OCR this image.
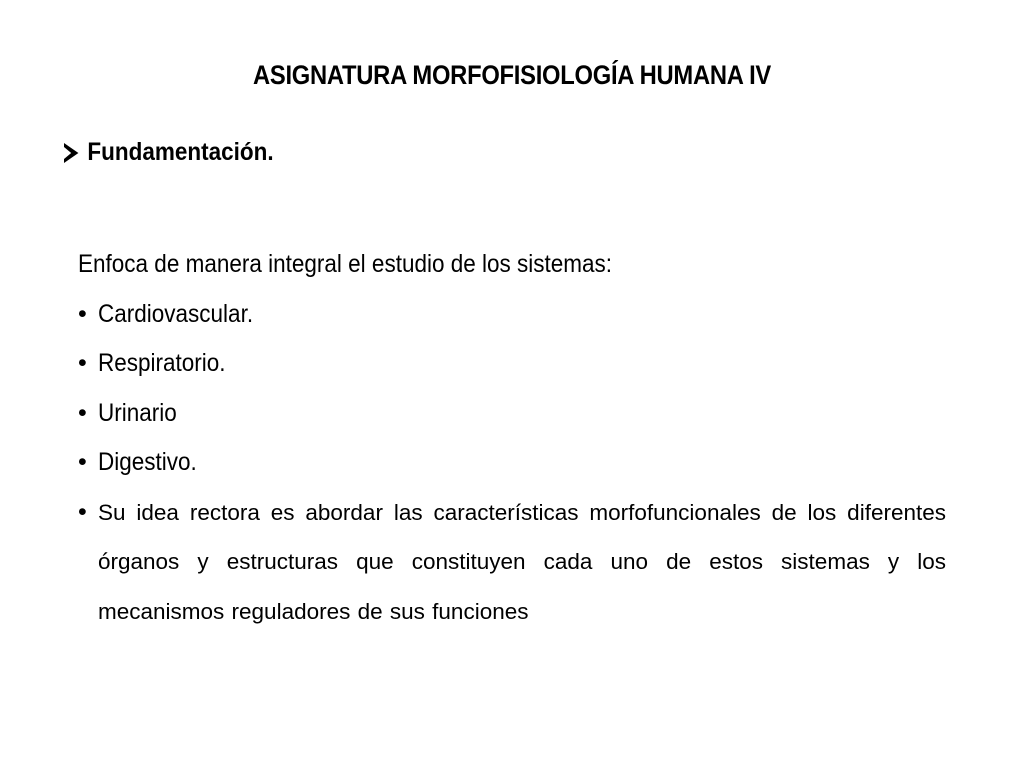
ASIGNATURA MORFOFISIOLOGÍA HUMANA IV
Fundamentación.
Enfoca de manera integral el estudio de los sistemas:
• Cardiovascular.
• Respiratorio.
• Urinario
• Digestivo.
• Su idea rectora es abordar las características morfofuncionales de los diferentes órganos y estructuras que constituyen cada uno de estos sistemas y los mecanismos reguladores de sus funciones
